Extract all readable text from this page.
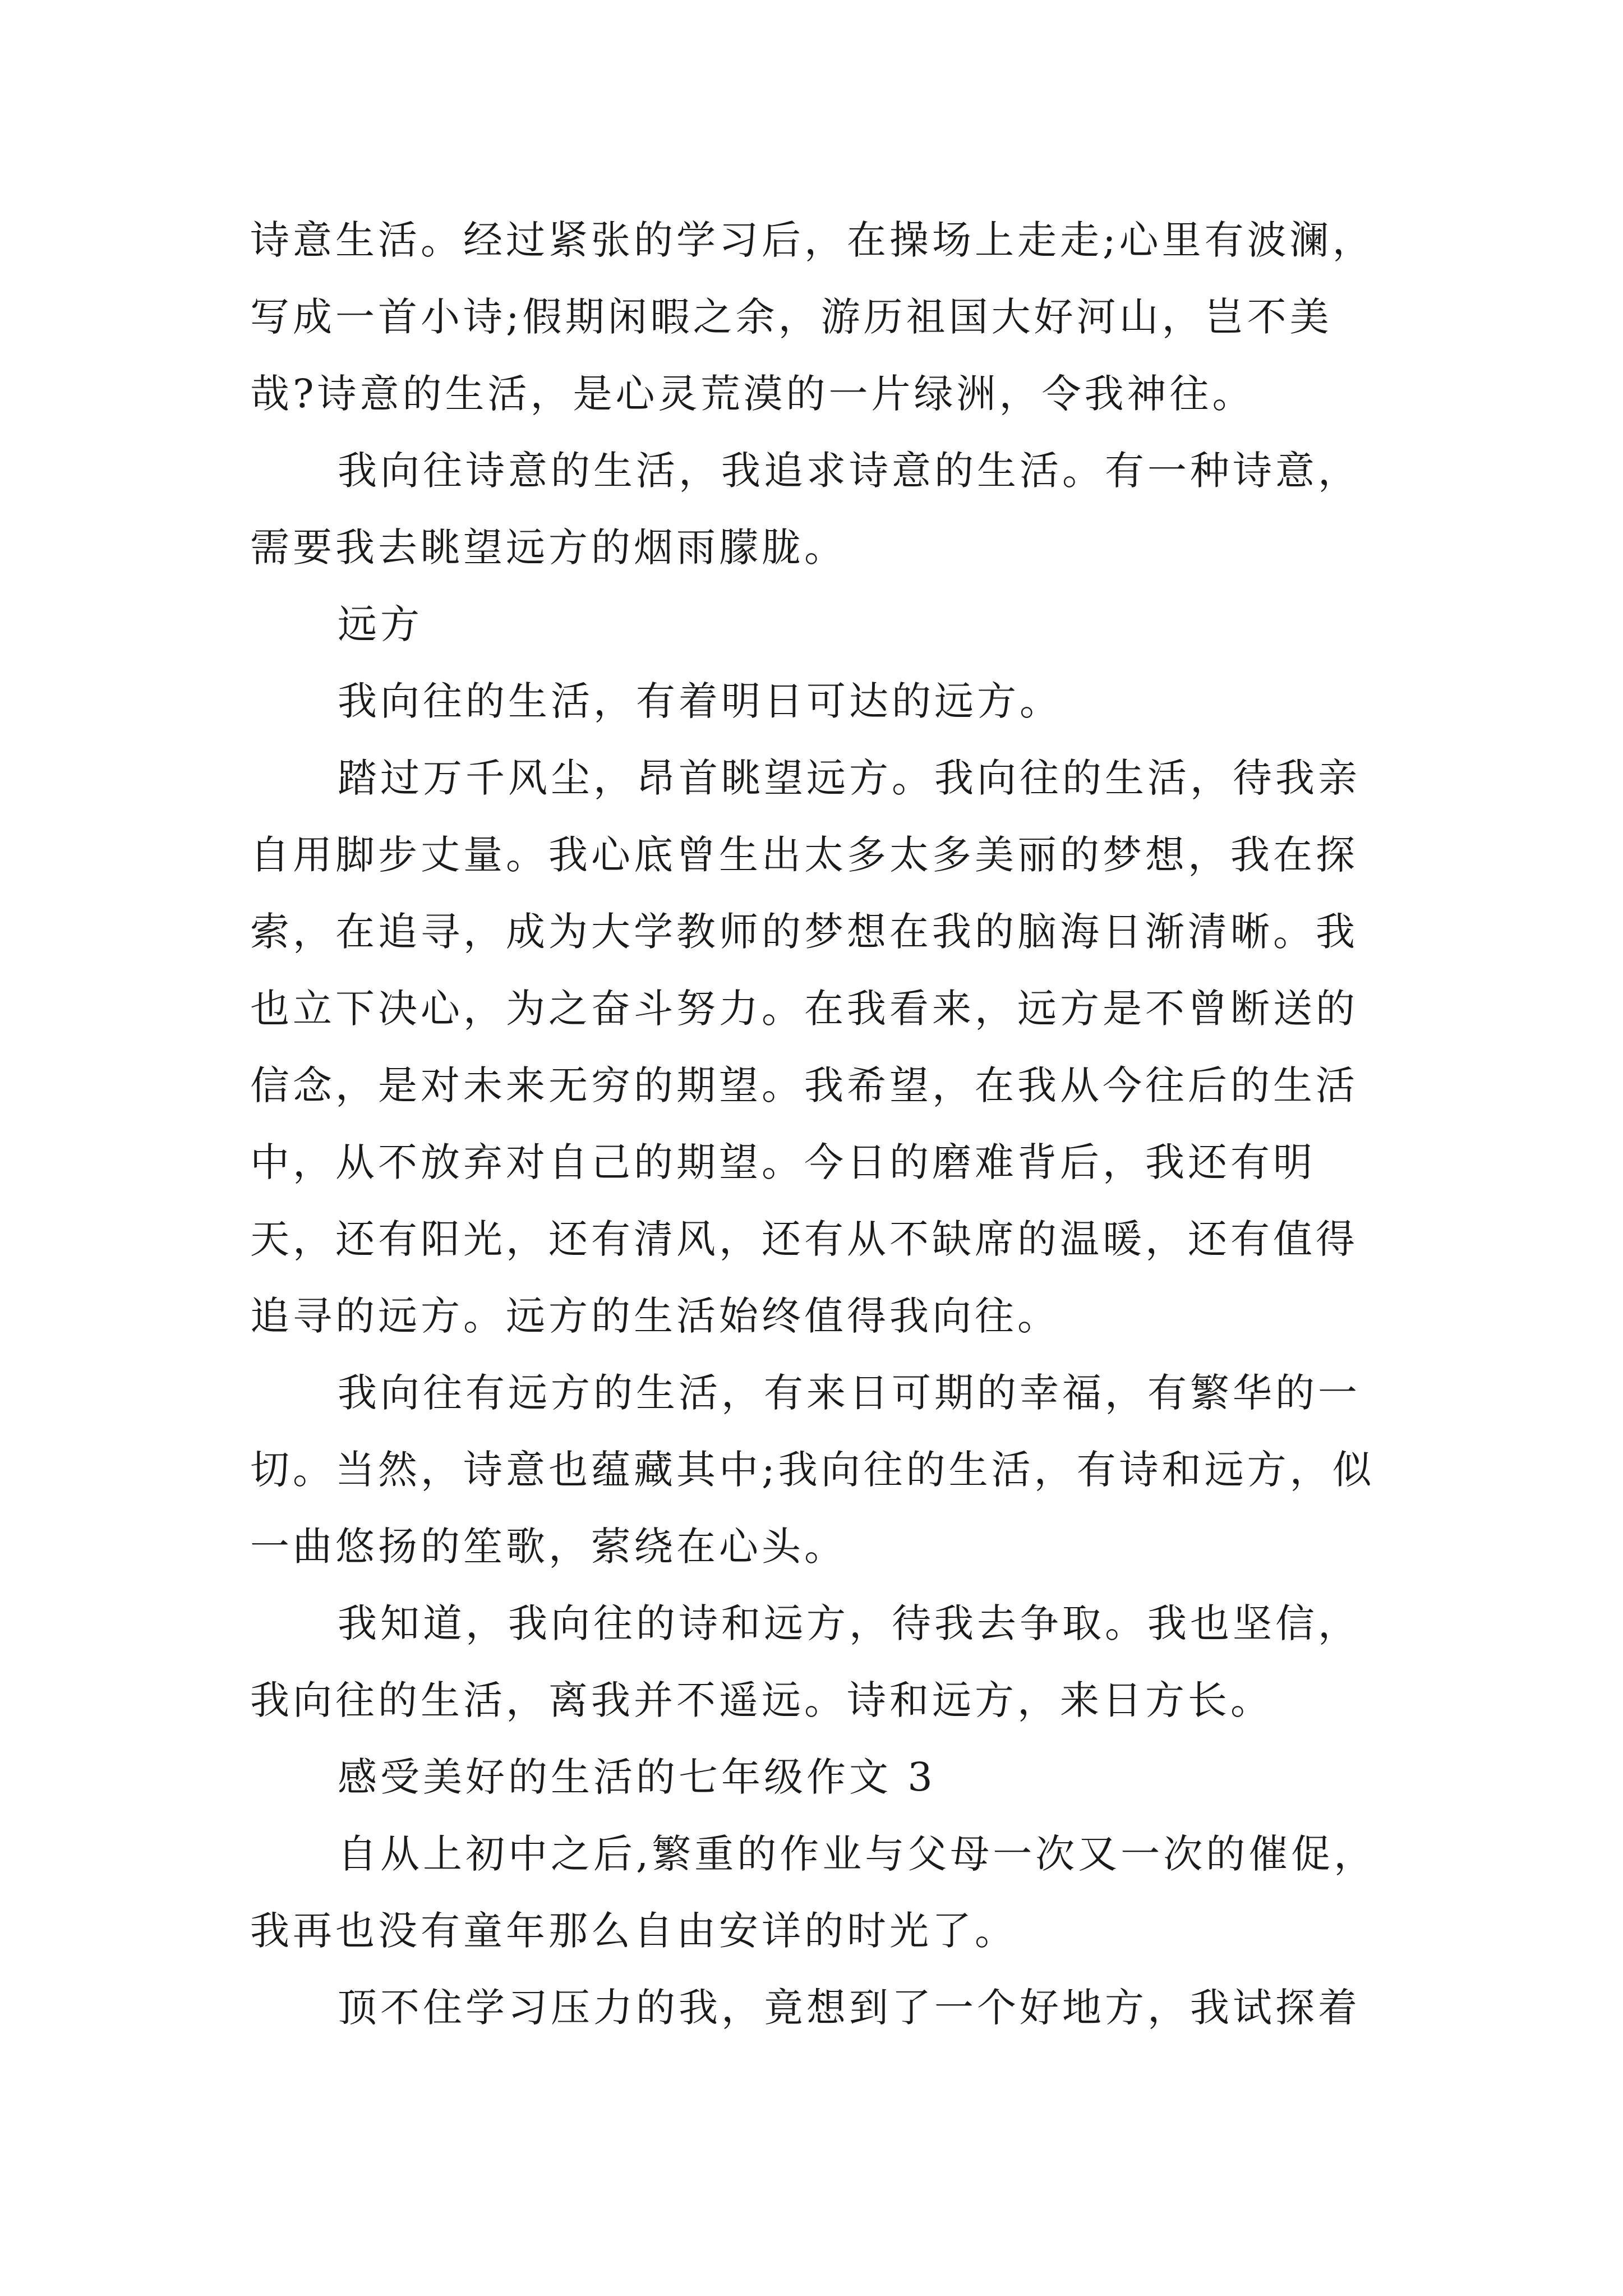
诗意生活。经过紧张的学习后，在操场上走走;心里有波澜，写成一首小诗;假期闲暇之余，游历祖国大好河山，岂不美哉?诗意的生活，是心灵荒漠的一片绿洲，令我神往。

我向往诗意的生活，我追求诗意的生活。有一种诗意，需要我去眺望远方的烟雨朦胧。

远方

我向往的生活，有着明日可达的远方。

踏过万千风尘，昂首眺望远方。我向往的生活，待我亲自用脚步丈量。我心底曾生出太多太多美丽的梦想，我在探索，在追寻，成为大学教师的梦想在我的脑海日渐清晰。我也立下决心，为之奋斗努力。在我看来，远方是不曾断送的信念，是对未来无穷的期望。我希望，在我从今往后的生活中，从不放弃对自己的期望。今日的磨难背后，我还有明天，还有阳光，还有清风，还有从不缺席的温暖，还有值得追寻的远方。远方的生活始终值得我向往。

我向往有远方的生活，有来日可期的幸福，有繁华的一切。当然，诗意也蕴藏其中;我向往的生活，有诗和远方，似一曲悠扬的笙歌，萦绕在心头。

我知道，我向往的诗和远方，待我去争取。我也坚信，我向往的生活，离我并不遥远。诗和远方，来日方长。

感受美好的生活的七年级作文 3

自从上初中之后,繁重的作业与父母一次又一次的催促，我再也没有童年那么自由安详的时光了。

顶不住学习压力的我，竟想到了一个好地方，我试探着
